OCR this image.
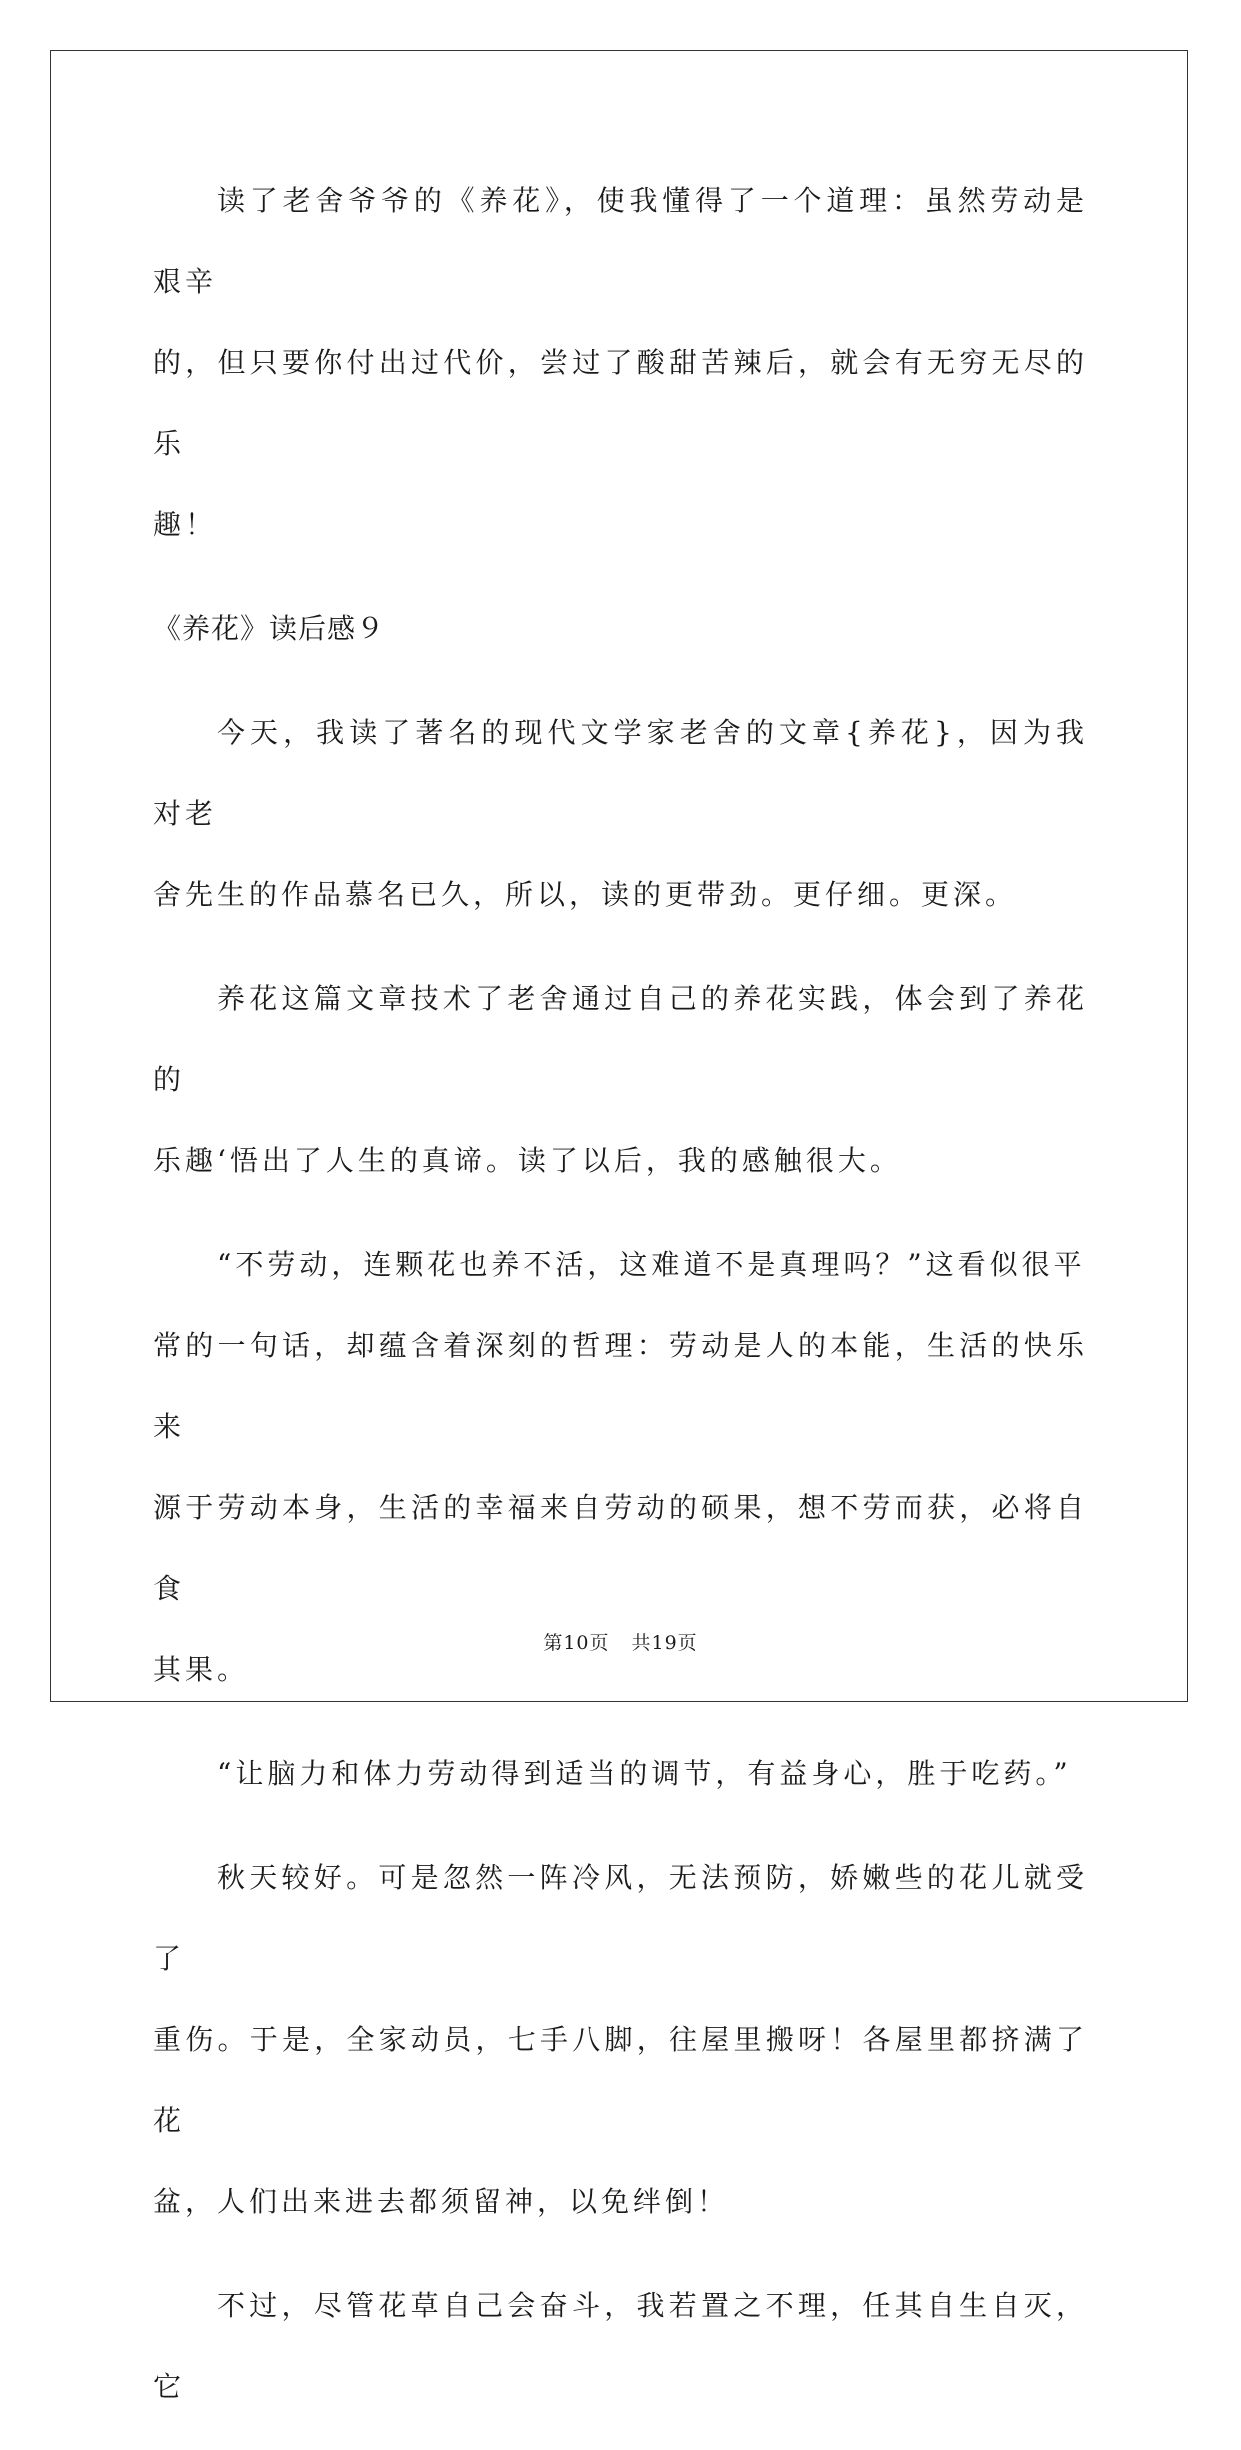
读了老舍爷爷的《养花》，使我懂得了一个道理：虽然劳动是艰辛
的，但只要你付出过代价，尝过了酸甜苦辣后，就会有无穷无尽的乐
趣！

《养花》读后感９

今天，我读了著名的现代文学家老舍的文章{养花}，因为我对老
舍先生的作品慕名已久，所以，读的更带劲。更仔细。更深。

养花这篇文章技术了老舍通过自己的养花实践，体会到了养花的
乐趣‘悟出了人生的真谛。读了以后，我的感触很大。

“不劳动，连颗花也养不活，这难道不是真理吗？”这看似很平
常的一句话，却蕴含着深刻的哲理：劳动是人的本能，生活的快乐来
源于劳动本身，生活的幸福来自劳动的硕果，想不劳而获，必将自食
其果。

“让脑力和体力劳动得到适当的调节，有益身心，胜于吃药。”

秋天较好。可是忽然一阵冷风，无法预防，娇嫩些的花儿就受了
重伤。于是，全家动员，七手八脚，往屋里搬呀！各屋里都挤满了花
盆，人们出来进去都须留神，以免绊倒！

不过，尽管花草自己会奋斗，我若置之不理，任其自生自灭，它

第10页 共19页
